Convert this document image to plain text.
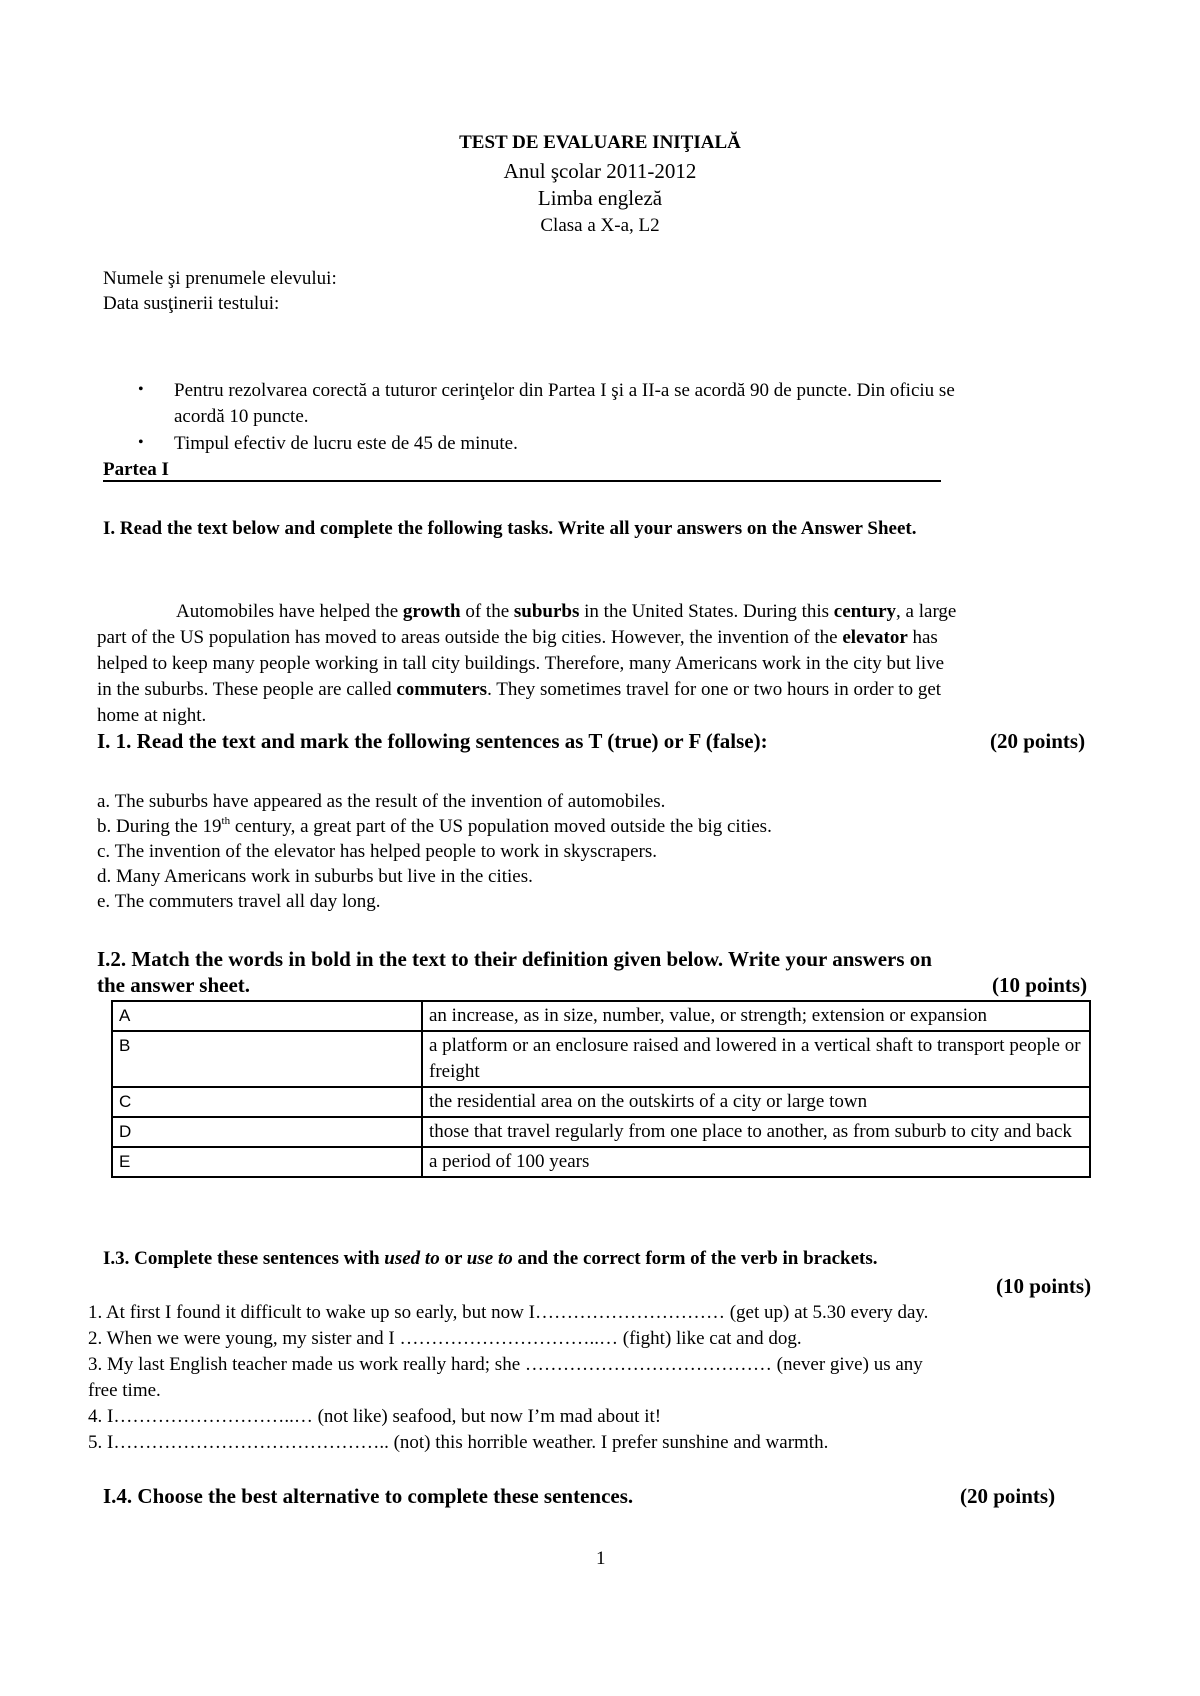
TEST DE EVALUARE INIŢIALĂ
Anul şcolar 2011-2012
Limba engleză
Clasa a X-a, L2
Numele şi prenumele elevului:
Data susţinerii testului:
• Pentru rezolvarea corectă a tuturor cerinţelor din Partea I şi a II-a se acordă 90 de puncte. Din oficiu se
acordă 10 puncte.
• Timpul efectiv de lucru este de 45 de minute.
Partea I
I. Read the text below and complete the following tasks. Write all your answers on the Answer Sheet.
Automobiles have helped the growth of the suburbs in the United States. During this century, a large
part of the US population has moved to areas outside the big cities. However, the invention of the elevator has
helped to keep many people working in tall city buildings. Therefore, many Americans work in the city but live
in the suburbs. These people are called commuters. They sometimes travel for one or two hours in order to get
home at night.
I. 1. Read the text and mark the following sentences as T (true) or F (false):	(20 points)
a. The suburbs have appeared as the result of the invention of automobiles.
b. During the 19th century, a great part of the US population moved outside the big cities.
c. The invention of the elevator has helped people to work in skyscrapers.
d. Many Americans work in suburbs but live in the cities.
e. The commuters travel all day long.
I.2. Match the words in bold in the text to their definition given below. Write your answers on
the answer sheet.	(10 points)
A	an increase, as in size, number, value, or strength; extension or expansion
B	a platform or an enclosure raised and lowered in a vertical shaft to transport people or freight
C	the residential area on the outskirts of a city or large town
D	those that travel regularly from one place to another, as from suburb to city and back
E	a period of 100 years
I.3. Complete these sentences with used to or use to and the correct form of the verb in brackets.
(10 points)
1. At first I found it difficult to wake up so early, but now I………………………… (get up) at 5.30 every day.
2. When we were young, my sister and I …………………………..… (fight) like cat and dog.
3. My last English teacher made us work really hard; she ………………………………… (never give) us any
free time.
4. I………………………..… (not like) seafood, but now I’m mad about it!
5. I…………………………………….. (not) this horrible weather. I prefer sunshine and warmth.
I.4. Choose the best alternative to complete these sentences.	(20 points)
1
